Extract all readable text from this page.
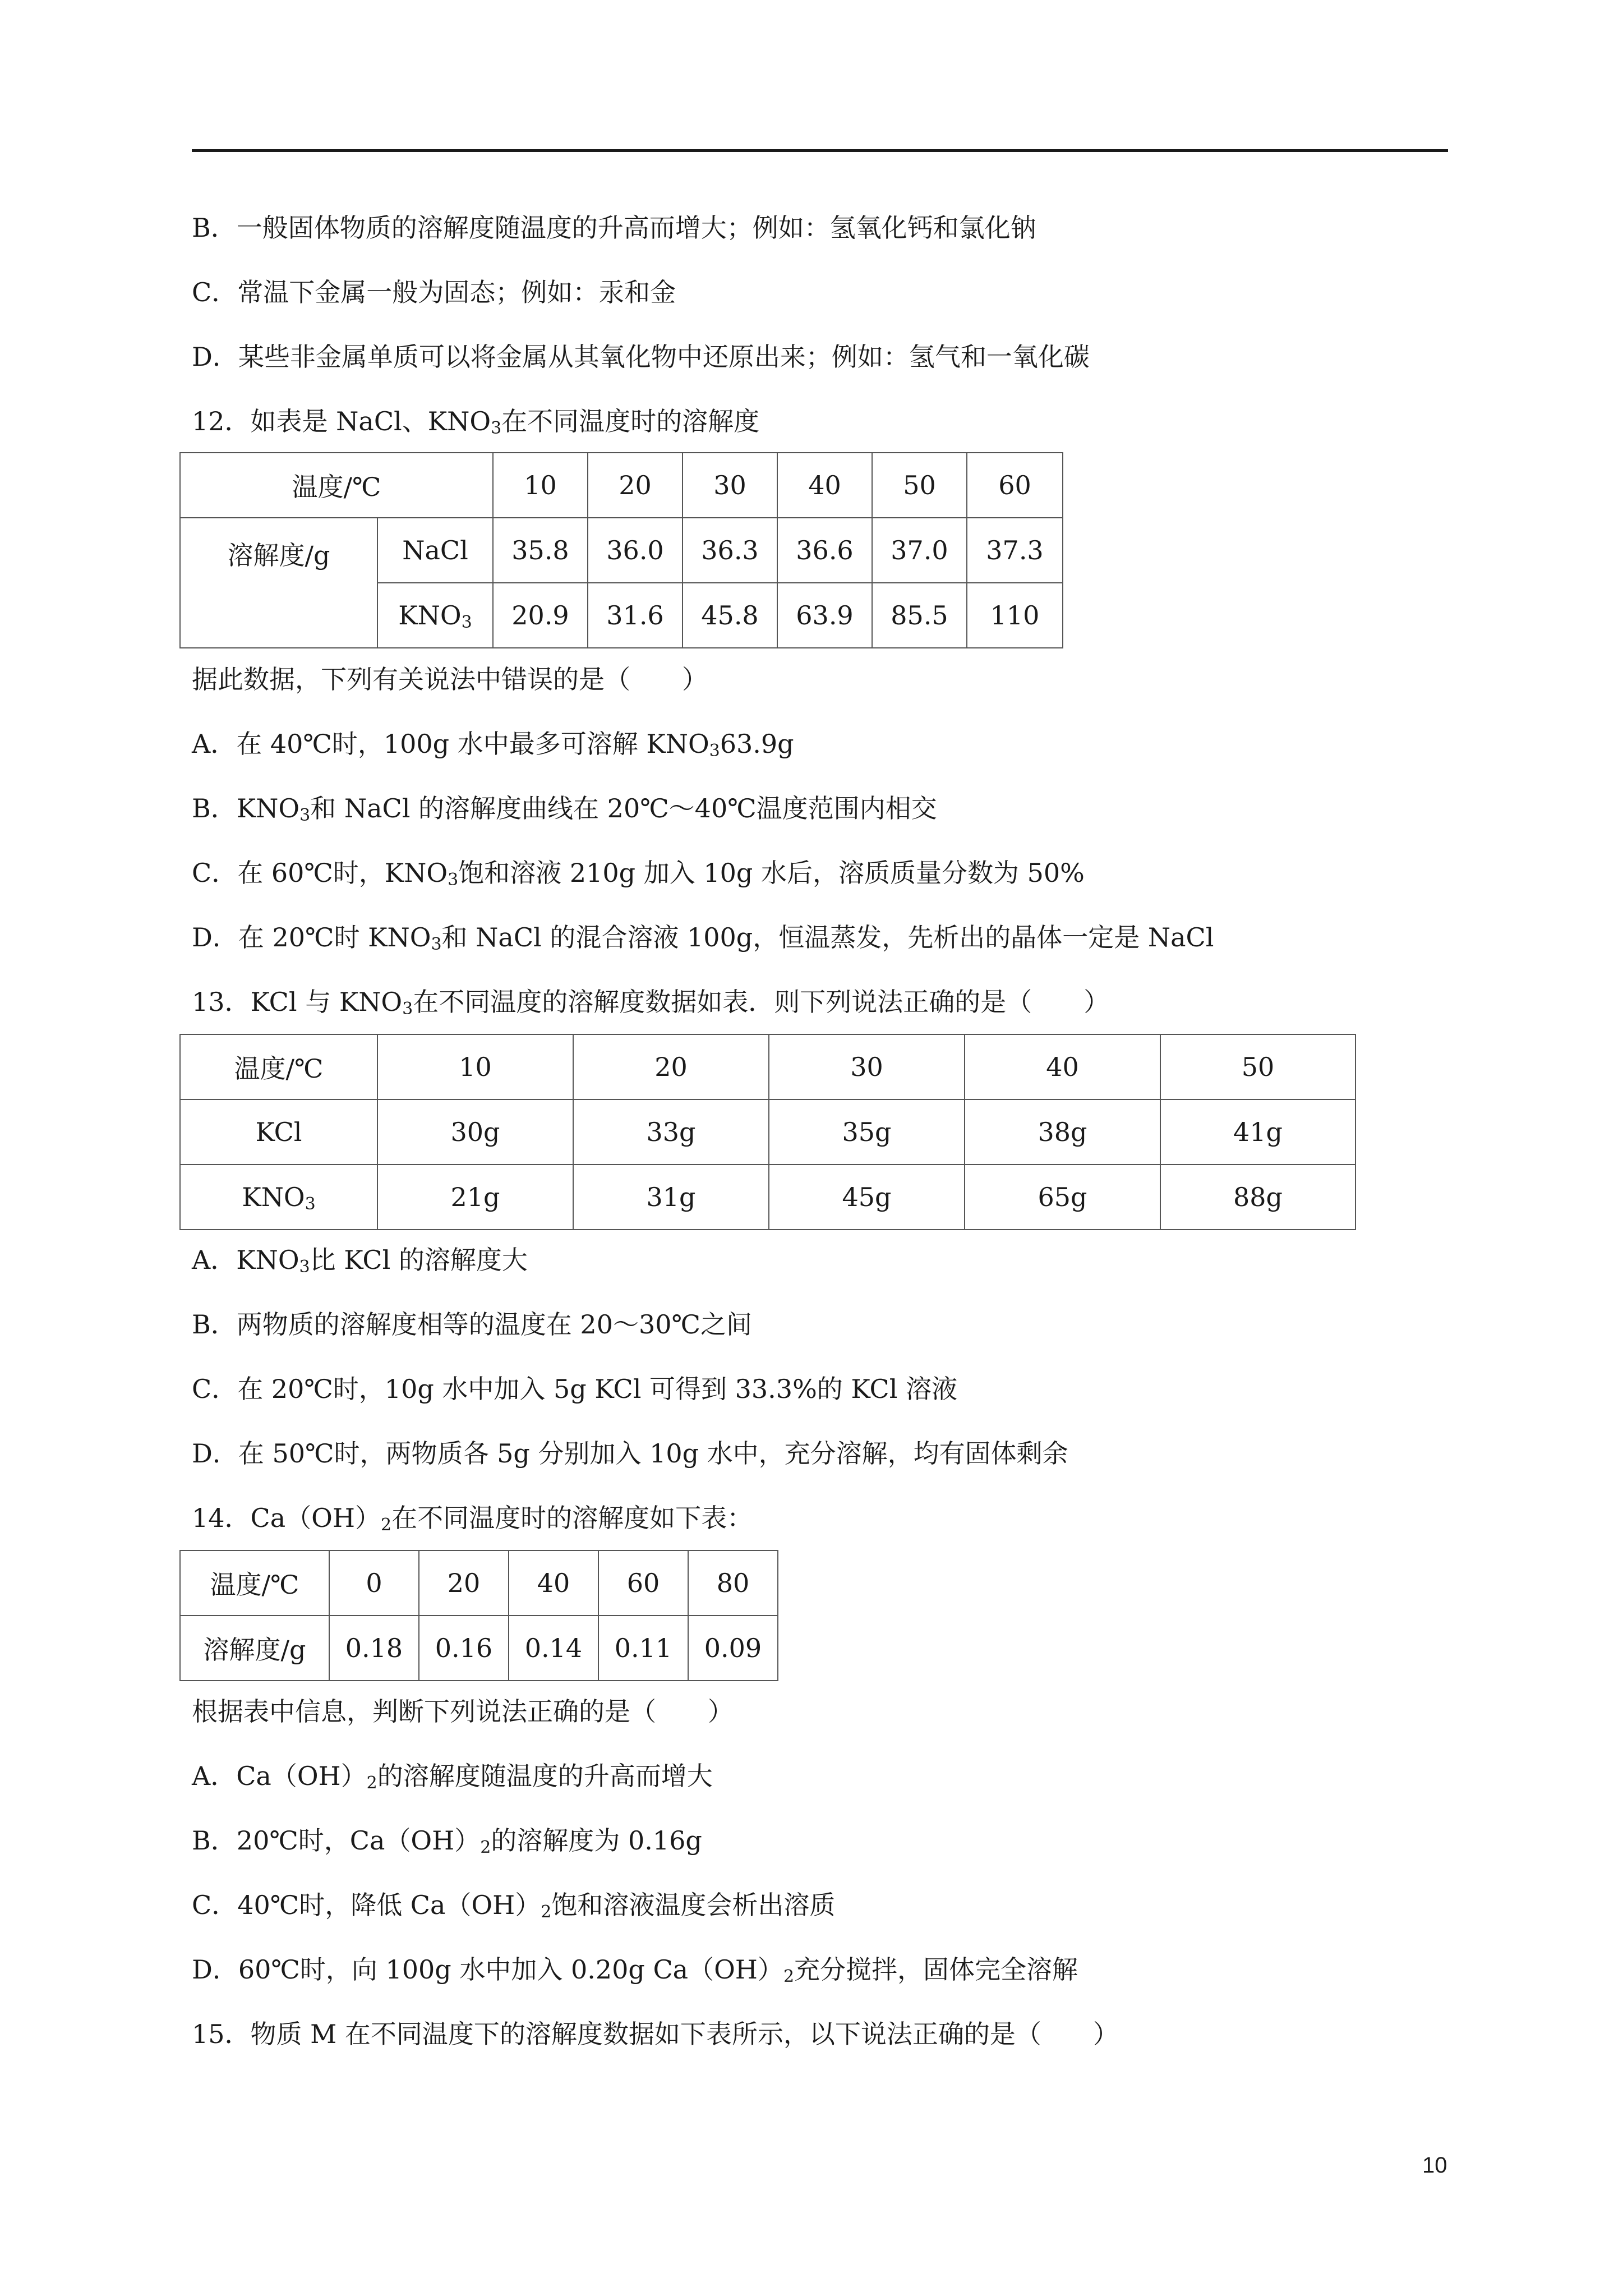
B．一般固体物质的溶解度随温度的升高而增大；例如：氢氧化钙和氯化钠
C．常温下金属一般为固态；例如：汞和金
D．某些非金属单质可以将金属从其氧化物中还原出来；例如：氢气和一氧化碳
12．如表是 NaCl、$KNO_3$在不同温度时的溶解度
温度/℃		10	20	30	40	50	60
溶解度/g	NaCl	35.8	36.0	36.3	36.6	37.0	37.3
	$KNO_3$	20.9	31.6	45.8	63.9	85.5	110
据此数据，下列有关说法中错误的是（　　）
A．在 40℃时，100g 水中最多可溶解 $KNO_363.9g$
B．$KNO_3$和 NaCl 的溶解度曲线在 20℃～40℃温度范围内相交
C．在 60℃时，$KNO_3$饱和溶液 210g 加入 10g 水后，溶质质量分数为 50%
D．在 20℃时 $KNO_3$和 NaCl 的混合溶液 100g，恒温蒸发，先析出的晶体一定是 NaCl
13．KCl 与 $KNO_3$在不同温度的溶解度数据如表．则下列说法正确的是（　　）
温度/℃	10	20	30	40	50
KCl	30g	33g	35g	38g	41g
$KNO_3$	21g	31g	45g	65g	88g
A．$KNO_3$比 KCl 的溶解度大
B．两物质的溶解度相等的温度在 20～30℃之间
C．在 20℃时，10g 水中加入 5g KCl 可得到 33.3%的 KCl 溶液
D．在 50℃时，两物质各 5g 分别加入 10g 水中，充分溶解，均有固体剩余
14．$Ca(OH)_2$在不同温度时的溶解度如下表：
温度/℃	0	20	40	60	80
溶解度/g	0.18	0.16	0.14	0.11	0.09
根据表中信息，判断下列说法正确的是（　　）
A．$Ca(OH)_2$的溶解度随温度的升高而增大
B．20℃时，$Ca(OH)_2$的溶解度为 0.16g
C．40℃时，降低 $Ca(OH)_2$饱和溶液温度会析出溶质
D．60℃时，向 100g 水中加入 0.20g $Ca(OH)_2$充分搅拌，固体完全溶解
15．物质 M 在不同温度下的溶解度数据如下表所示，以下说法正确的是（　　）
10
